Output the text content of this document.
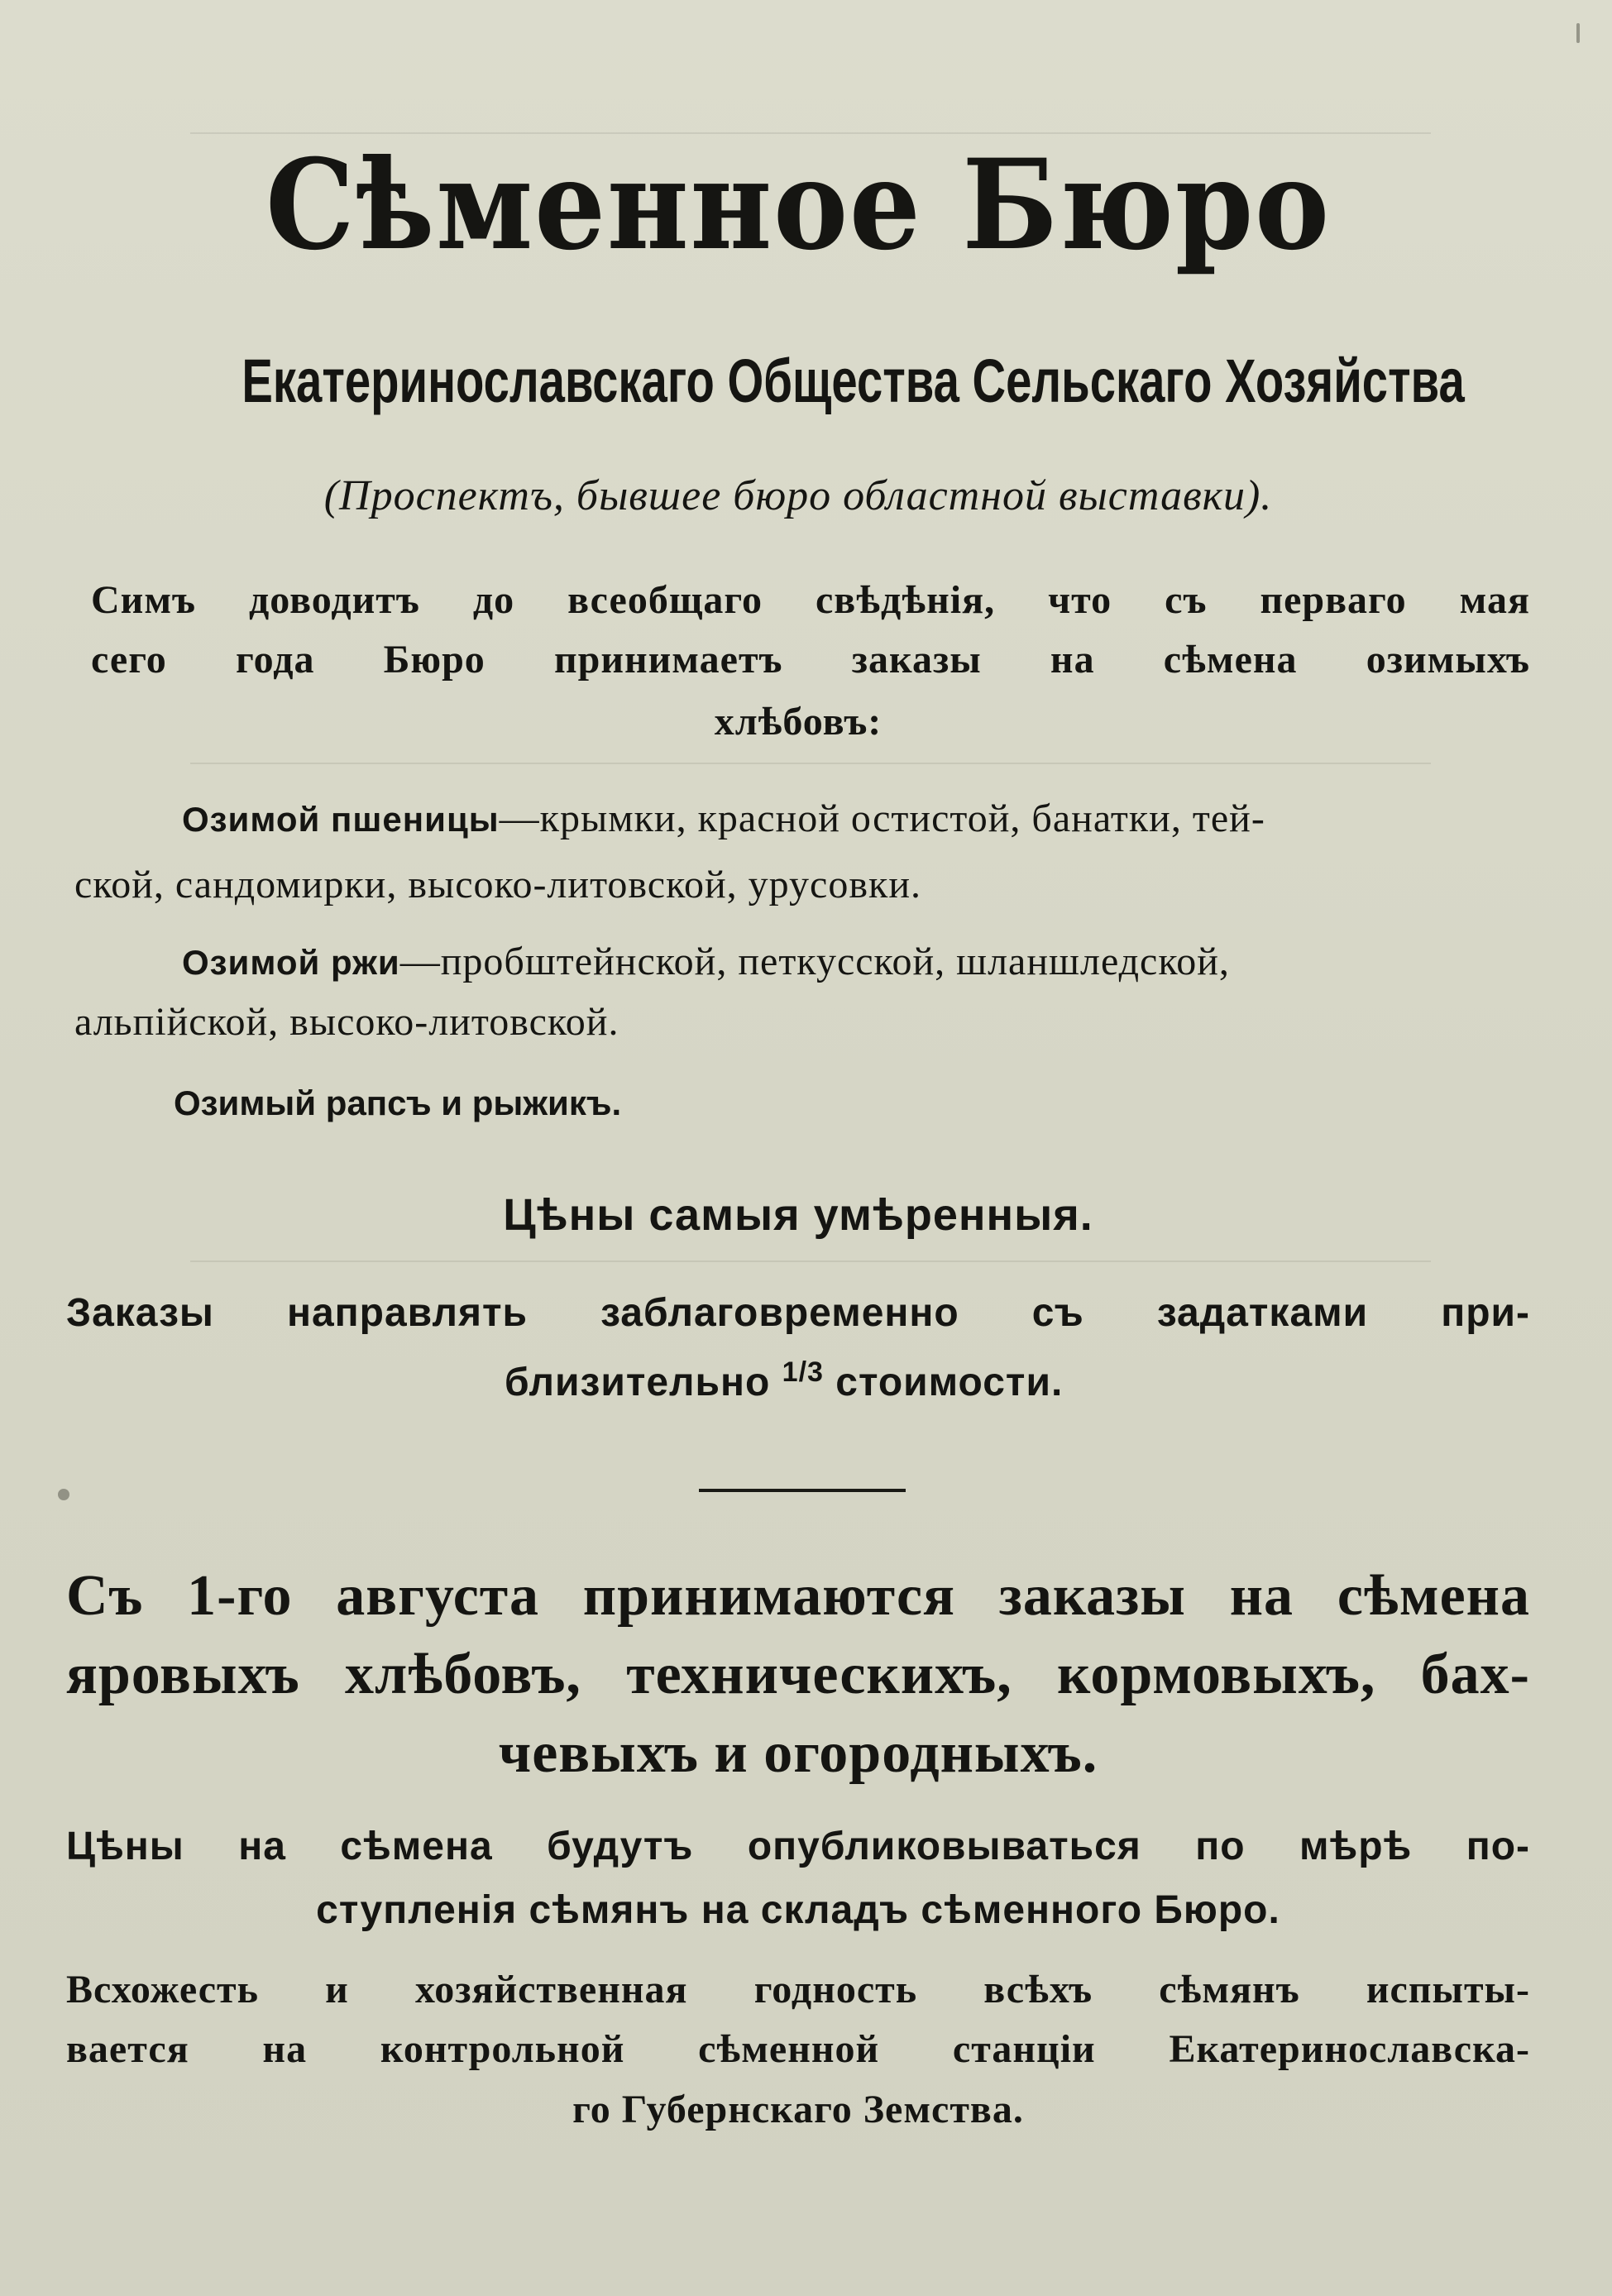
Сѣменное Бюро
Екатеринославскаго Общества Сельскаго Хозяйства
(Проспектъ, бывшее бюро областной выставки).
Симъ доводитъ до всеобщаго свѣдѣнія, что съ перваго мая
сего года Бюро принимаетъ заказы на сѣмена озимыхъ
хлѣбовъ:
Озимой пшеницы—крымки, красной остистой, банатки, тей-
ской, сандомирки, высоко-литовской, урусовки.
Озимой ржи—пробштейнской, петкусской, шланшледской,
альпійской, высоко-литовской.
Озимый рапсъ и рыжикъ.
Цѣны самыя умѣренныя.
Заказы направлять заблаговременно съ задатками при-
близительно $^{1/3}$ стоимости.
Съ 1-го августа принимаются заказы на сѣмена
яровыхъ хлѣбовъ, техническихъ, кормовыхъ, бах-
чевыхъ и огородныхъ.
Цѣны на сѣмена будутъ опубликовываться по мѣрѣ по-
ступленія сѣмянъ на складъ сѣменного Бюро.
Всхожесть и хозяйственная годность всѣхъ сѣмянъ испыты-
вается на контрольной сѣменной станціи Екатеринославска-
го Губернскаго Земства.
